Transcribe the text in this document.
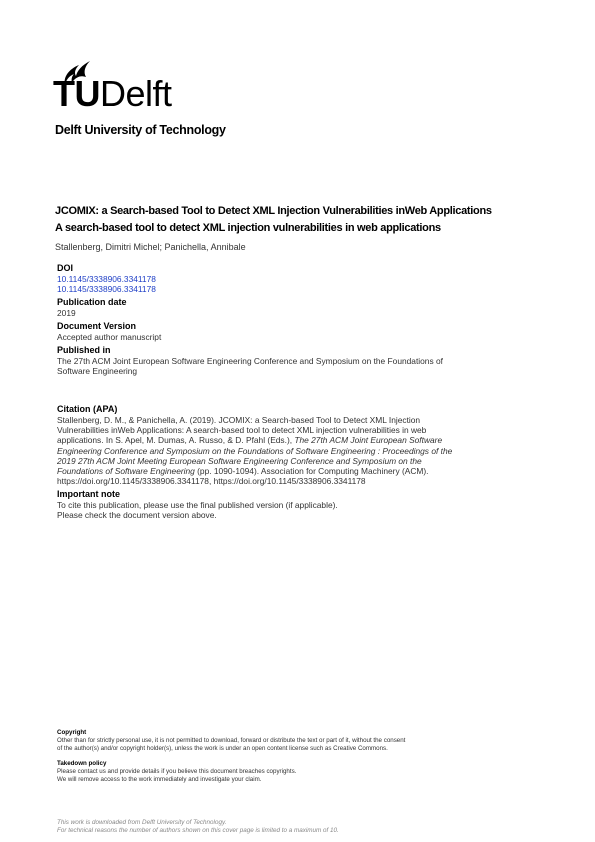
TUDelft
Delft University of Technology
JCOMIX: a Search-based Tool to Detect XML Injection Vulnerabilities inWeb Applications
A search-based tool to detect XML injection vulnerabilities in web applications
Stallenberg, Dimitri Michel; Panichella, Annibale
DOI
10.1145/3338906.3341178
10.1145/3338906.3341178
Publication date
2019
Document Version
Accepted author manuscript
Published in
The 27th ACM Joint European Software Engineering Conference and Symposium on the Foundations of
Software Engineering
Citation (APA)
Stallenberg, D. M., & Panichella, A. (2019). JCOMIX: a Search-based Tool to Detect XML Injection
Vulnerabilities inWeb Applications: A search-based tool to detect XML injection vulnerabilities in web
applications. In S. Apel, M. Dumas, A. Russo, & D. Pfahl (Eds.), The 27th ACM Joint European Software
Engineering Conference and Symposium on the Foundations of Software Engineering : Proceedings of the
2019 27th ACM Joint Meeting European Software Engineering Conference and Symposium on the
Foundations of Software Engineering (pp. 1090-1094). Association for Computing Machinery (ACM).
https://doi.org/10.1145/3338906.3341178, https://doi.org/10.1145/3338906.3341178
Important note
To cite this publication, please use the final published version (if applicable).
Please check the document version above.
Copyright
Other than for strictly personal use, it is not permitted to download, forward or distribute the text or part of it, without the consent
of the author(s) and/or copyright holder(s), unless the work is under an open content license such as Creative Commons.
Takedown policy
Please contact us and provide details if you believe this document breaches copyrights.
We will remove access to the work immediately and investigate your claim.
This work is downloaded from Delft University of Technology.
For technical reasons the number of authors shown on this cover page is limited to a maximum of 10.
